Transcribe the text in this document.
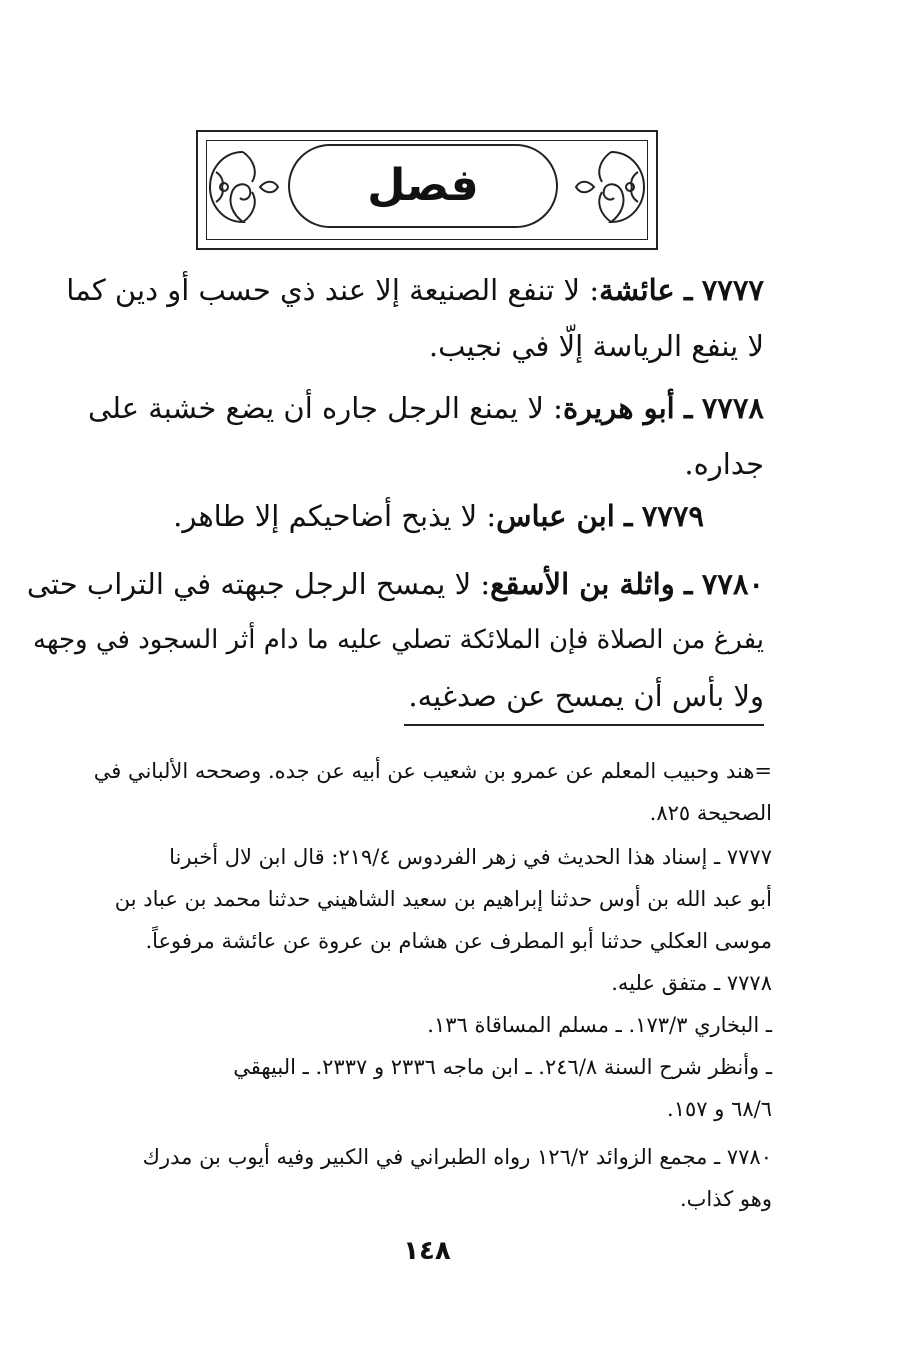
فصل
٧٧٧٧ ـ عائشة: لا تنفع الصنيعة إلا عند ذي حسب أو دين كما
لا ينفع الرياسة إلّا في نجيب.
٧٧٧٨ ـ أبو هريرة: لا يمنع الرجل جاره أن يضع خشبة على
جداره.
٧٧٧٩ ـ ابن عباس: لا يذبح أضاحيكم إلا طاهر.
٧٧٨٠ ـ واثلة بن الأسقع: لا يمسح الرجل جبهته في التراب حتى
يفرغ من الصلاة فإن الملائكة تصلي عليه ما دام أثر السجود في وجهه
ولا بأس أن يمسح عن صدغيه.
=هند وحبيب المعلم عن عمرو بن شعيب عن أبيه عن جده. وصححه الألباني في
الصحيحة ٨٢٥.
٧٧٧٧ ـ إسناد هذا الحديث في زهر الفردوس ٢١٩/٤: قال ابن لال أخبرنا
أبو عبد الله بن أوس حدثنا إبراهيم بن سعيد الشاهيني حدثنا محمد بن عباد بن
موسى العكلي حدثنا أبو المطرف عن هشام بن عروة عن عائشة مرفوعاً.
٧٧٧٨ ـ متفق عليه.
ـ البخاري ١٧٣/٣. ـ مسلم المساقاة ١٣٦.
ـ وأنظر شرح السنة ٢٤٦/٨. ـ ابن ماجه ٢٣٣٦ و ٢٣٣٧. ـ البيهقي
٦٨/٦ و ١٥٧.
٧٧٨٠ ـ مجمع الزوائد ١٢٦/٢ رواه الطبراني في الكبير وفيه أيوب بن مدرك
وهو كذاب.
١٤٨
